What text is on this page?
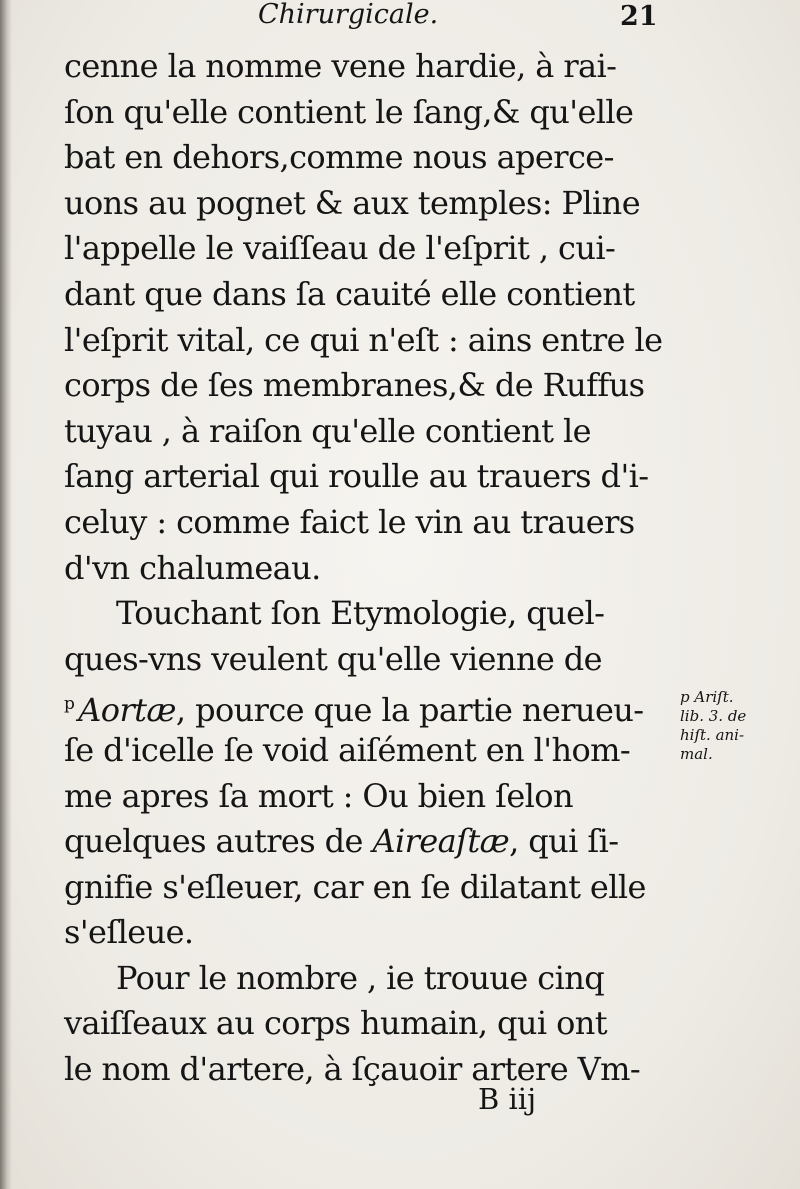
Chirurgicale.	21
cenne la nomme vene hardie, à rai-
ſon qu'elle contient le ſang,& qu'elle
bat en dehors,comme nous aperce-
uons au pognet & aux temples: Pline
l'appelle le vaiſſeau de l'eſprit , cui-
dant que dans ſa cauité elle contient
l'eſprit vital, ce qui n'eſt : ains entre le
corps de ſes membranes,& de Ruffus
tuyau , à raiſon qu'elle contient le
ſang arterial qui roulle au trauers d'i-
celuy : comme faict le vin au trauers
d'vn chalumeau.
Touchant ſon Etymologie, quel-
ques-vns veulent qu'elle vienne de
$^p$ Aortæ, pource que la partie nerueu-
ſe d'icelle ſe void aiſément en l'hom-
me apres ſa mort : Ou bien ſelon
quelques autres de Aireaſtæ, qui ſi-
gnifie s'eſleuer, car en ſe dilatant elle
s'eſleue.
Pour le nombre , ie trouue cinq
vaiſſeaux au corps humain, qui ont
le nom d'artere, à ſçauoir artere Vm-
p Ariſt.
lib. 3. de
hiſt. ani-
mal.
B iij
